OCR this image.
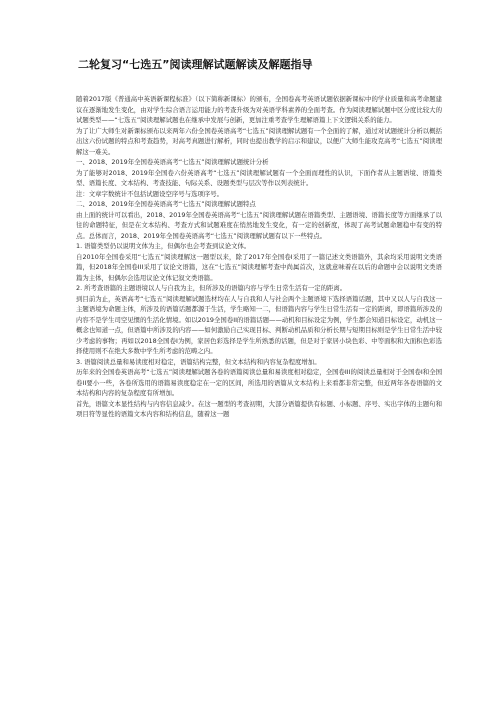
二轮复习“七选五”阅读理解试题解读及解题指导

随着2017版《普通高中英语新课程标准》（以下简称新课标）的颁布，全国卷高考英语试题依据新课标中的学业质量和高考命题建议在逐渐地发生变化，由对学生综合语言运用能力的考查升级为对英语学科素养的全面考查。作为阅读理解试题中区分度比较大的试题类型——“七选五”阅读理解试题也在继承中发展与创新，更加注重考查学生理解语篇上下文逻辑关系的能力。

为了让广大师生对新课标颁布以来两年六份全国卷英语高考“七选五”阅读理解试题有一个全面的了解，通过对试题统计分析以概括出这六份试题的特点和考查趋势，对高考真题进行解析，同时也提出教学的启示和建议，以便广大师生能攻克高考“七选五”阅读理解这一难关。

一、2018、2019年全国卷英语高考“七选五”阅读理解试题统计分析

为了能够对2018、2019年全国卷六份英语高考“七选五”阅读理解试题有一个全面而理性的认识，下面作者从主题语境、语篇类型、语篇长度、文本结构、考查技能、句际关系、设题类型与层次等作以列表统计。

注：文章字数统计不包括试题设空序号与选项序号。

二、2018、2019年全国卷英语高考“七选五”阅读理解试题特点

由上面的统计可以看出，2018、2019年全国卷英语高考“七选五”阅读理解试题在语篇类型、主题语境、语篇长度等方面继承了以往的命题特征，但是在文本结构、考查方式和试题难度在悄然地发生变化，有一定的创新度，体现了高考试题命题稳中有变的特点。总体而言，2018、2019年全国卷英语高考“七选五”阅读理解试题有以下一些特点。

1. 语篇类型仍以说明文体为主，但偶尔也会考查到议论文体。

自2010年全国卷采用“七选五”阅读理解这一题型以来，除了2017年全国卷I采用了一篇记述文类语篇外，其余均采用说明文类语篇，但2018年全国卷III采用了议论文语篇，这在“七选五”阅读理解考查中尚属首次，这就意味着在以后的命题中会以说明文类语篇为主体，但偶尔会选用议论文体记叙文类语篇。

2. 所考查语篇的主题语境以人与自我为主，但所涉及的语篇内容与学生日常生活有一定的距离。

到目前为止，英语高考“七选五”阅读理解试题选材均在人与自我和人与社会两个主题语境下选择语篇话题，其中又以人与自我这一主题语境为命题主体，所涉及的语篇话题都源于生活，学生略知一二，但语篇内容与学生日常生活有一定的距离，即语篇所涉及的内容不是学生司空见惯的生活化情境。如以2019全国卷II的语篇话题——动机和目标设定为例，学生都会知道目标设定，动机这一概念也知道一点，但语篇中所涉及的内容——如何激励自己实现目标、判断动机品质和分析长期与短期目标则是学生日常生活中较少考虑的事物；再如以2018全国卷I为例，家居色彩选择是学生所熟悉的话题，但是对于家居小块色彩、中等面积和大面积色彩选择使用则不在绝大多数中学生所考虑的范畴之内。

3. 语篇阅读总量和易读度相对稳定，语篇结构完整，但文本结构和内容复杂程度增加。

历年来的全国卷英语高考“七选五”阅读理解试题各卷的语篇阅读总量和易读度相对稳定，全国卷III的阅读总量相对于全国卷I和全国卷II要小一些，各卷所选用的语篇易读度稳定在一定的区间，所选用的语篇从文本结构上来看都非常完整，但近两年各卷语篇的文本结构和内容的复杂程度有所增加。

首先，语篇文本显性结构与内容信息减少。在这一题型的考查初期，大部分语篇提供有标题、小标题、序号、实出字体的主题句和项目符等显性的语篇文本内容和结构信息，随着这一题
